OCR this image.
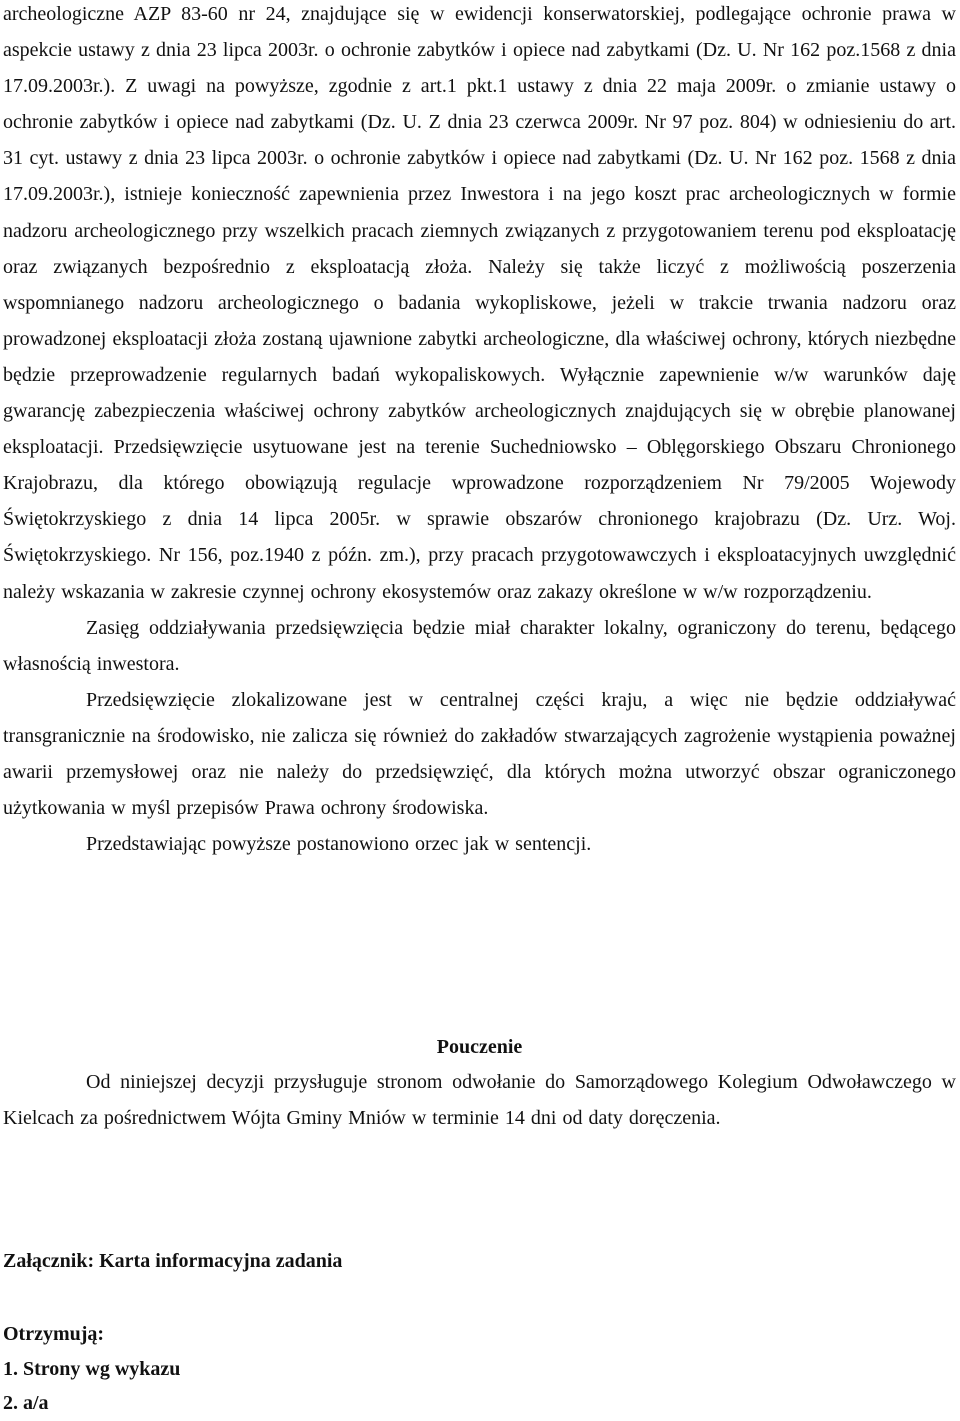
archeologiczne AZP 83-60 nr 24, znajdujące się w ewidencji konserwatorskiej, podlegające ochronie prawa w aspekcie ustawy z dnia 23 lipca 2003r. o ochronie zabytków i opiece nad zabytkami (Dz. U. Nr 162 poz.1568 z dnia 17.09.2003r.). Z uwagi na powyższe, zgodnie z art.1 pkt.1 ustawy z dnia 22 maja 2009r. o zmianie ustawy o ochronie zabytków i opiece nad zabytkami (Dz. U. Z dnia 23 czerwca 2009r. Nr 97 poz. 804) w odniesieniu do art. 31 cyt. ustawy z dnia 23 lipca 2003r. o ochronie zabytków i opiece nad zabytkami (Dz. U. Nr 162 poz. 1568 z dnia 17.09.2003r.), istnieje konieczność zapewnienia przez Inwestora i na jego koszt prac archeologicznych w formie nadzoru archeologicznego przy wszelkich pracach ziemnych związanych z przygotowaniem terenu pod eksploatację oraz związanych bezpośrednio z eksploatacją złoża. Należy się także liczyć z możliwością poszerzenia wspomnianego nadzoru archeologicznego o badania wykopliskowe, jeżeli w trakcie trwania nadzoru oraz prowadzonej eksploatacji złoża zostaną ujawnione zabytki archeologiczne, dla właściwej ochrony, których niezbędne będzie przeprowadzenie regularnych badań wykopaliskowych. Wyłącznie zapewnienie w/w warunków daję gwarancję zabezpieczenia właściwej ochrony zabytków archeologicznych znajdujących się w obrębie planowanej eksploatacji. Przedsięwzięcie usytuowane jest na terenie Suchedniowsko – Oblęgorskiego Obszaru Chronionego Krajobrazu, dla którego obowiązują regulacje wprowadzone rozporządzeniem Nr 79/2005 Wojewody Świętokrzyskiego z dnia 14 lipca 2005r. w sprawie obszarów chronionego krajobrazu (Dz. Urz. Woj. Świętokrzyskiego. Nr 156, poz.1940 z późn. zm.), przy pracach przygotowawczych i eksploatacyjnych uwzględnić należy wskazania w zakresie czynnej ochrony ekosystemów oraz zakazy określone w w/w rozporządzeniu.

Zasięg oddziaływania przedsięwzięcia będzie miał charakter lokalny, ograniczony do terenu, będącego własnością inwestora.

Przedsięwzięcie zlokalizowane jest w centralnej części kraju, a więc nie będzie oddziaływać transgranicznie na środowisko, nie zalicza się również do zakładów stwarzających zagrożenie wystąpienia poważnej awarii przemysłowej oraz nie należy do przedsięwzięć, dla których można utworzyć obszar ograniczonego użytkowania w myśl przepisów Prawa ochrony środowiska.

Przedstawiając powyższe postanowiono orzec jak w sentencji.

Pouczenie

Od niniejszej decyzji przysługuje stronom odwołanie do Samorządowego Kolegium Odwoławczego w Kielcach za pośrednictwem Wójta Gminy Mniów w terminie 14 dni od daty doręczenia.

Załącznik: Karta informacyjna zadania

Otrzymują:

1. Strony wg wykazu

2. a/a
